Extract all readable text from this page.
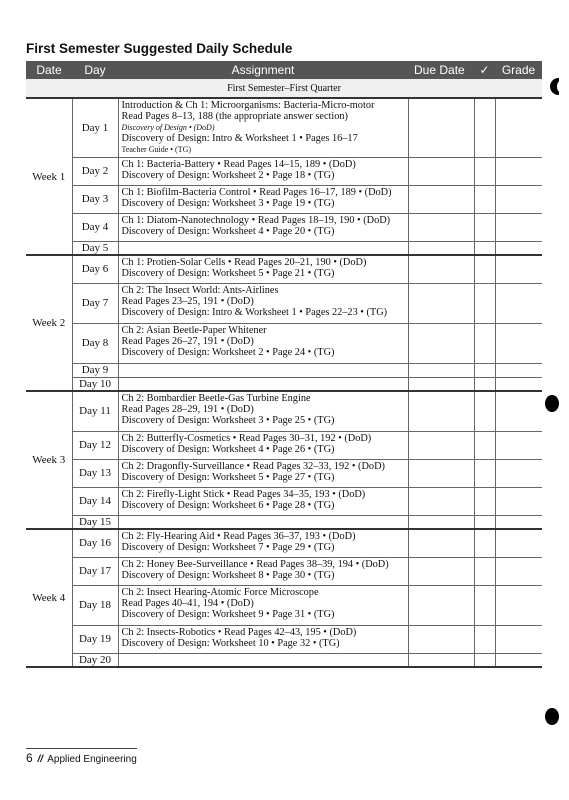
First Semester Suggested Daily Schedule
Date	Day	Assignment	Due Date	✓	Grade
First Semester–First Quarter					
Week 1	Day 1	Introduction & Ch 1: Microorganisms: Bacteria-Micro-motor
Read Pages 8–13, 188 (the appropriate answer section)
Discovery of Design • (DoD)
Discovery of Design: Intro & Worksheet 1 • Pages 16–17
Teacher Guide • (TG)			

	Day 2	Ch 1: Bacteria-Battery • Read Pages 14–15, 189 • (DoD)
Discovery of Design: Worksheet 2 • Page 18 • (TG)			

	Day 3	Ch 1: Biofilm-Bacteria Control • Read Pages 16–17, 189 • (DoD)
Discovery of Design: Worksheet 3 • Page 19 • (TG)			

	Day 4	Ch 1: Diatom-Nanotechnology • Read Pages 18–19, 190 • (DoD)
Discovery of Design: Worksheet 4 • Page 20 • (TG)			

	Day 5				
Week 2	Day 6	Ch 1: Protien-Solar Cells • Read Pages 20–21, 190 • (DoD)
Discovery of Design: Worksheet 5 • Page 21 • (TG)			

	Day 7	Ch 2: The Insect World: Ants-Airlines
Read Pages 23–25, 191 • (DoD)
Discovery of Design: Intro & Worksheet 1 • Pages 22–23 • (TG)			

	Day 8	Ch 2: Asian Beetle-Paper Whitener
Read Pages 26–27, 191 • (DoD)
Discovery of Design: Worksheet 2 • Page 24 • (TG)			

	Day 9				
	Day 10				
Week 3	Day 11	Ch 2: Bombardier Beetle-Gas Turbine Engine
Read Pages 28–29, 191 • (DoD)
Discovery of Design: Worksheet 3 • Page 25 • (TG)			

	Day 12	Ch 2: Butterfly-Cosmetics • Read Pages 30–31, 192 • (DoD)
Discovery of Design: Worksheet 4 • Page 26 • (TG)			

	Day 13	Ch 2: Dragonfly-Surveillance • Read Pages 32–33, 192 • (DoD)
Discovery of Design: Worksheet 5 • Page 27 • (TG)			

	Day 14	Ch 2: Firefly-Light Stick • Read Pages 34–35, 193 • (DoD)
Discovery of Design: Worksheet 6 • Page 28 • (TG)			

	Day 15				
Week 4	Day 16	Ch 2: Fly-Hearing Aid • Read Pages 36–37, 193 • (DoD)
Discovery of Design: Worksheet 7 • Page 29 • (TG)			

	Day 17	Ch 2: Honey Bee-Surveillance • Read Pages 38–39, 194 • (DoD)
Discovery of Design: Worksheet 8 • Page 30 • (TG)			

	Day 18	Ch 2: Insect Hearing-Atomic Force Microscope
Read Pages 40–41, 194 • (DoD)
Discovery of Design: Worksheet 9 • Page 31 • (TG)			

	Day 19	Ch 2: Insects-Robotics • Read Pages 42–43, 195 • (DoD)
Discovery of Design: Worksheet 10 • Page 32 • (TG)			

	Day 20				
6 // Applied Engineering
